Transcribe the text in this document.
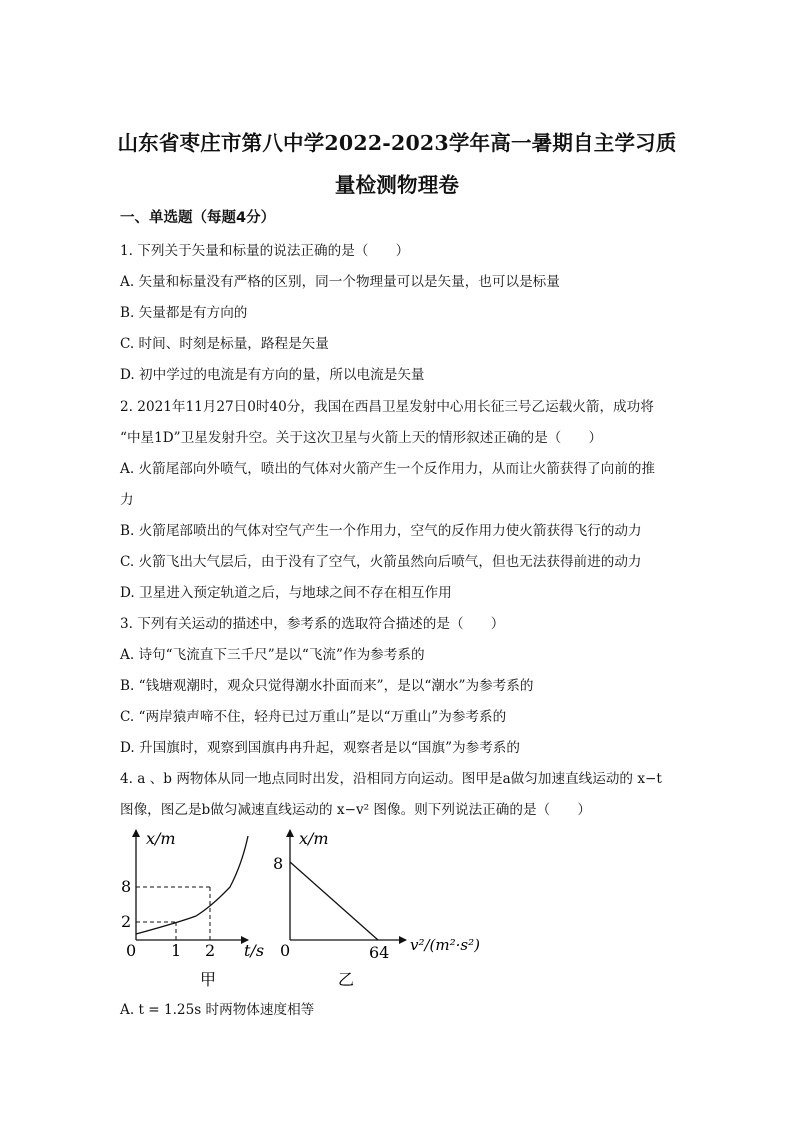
山东省枣庄市第八中学2022-2023学年高一暑期自主学习质
量检测物理卷
一、单选题（每题4分）
1. 下列关于矢量和标量的说法正确的是（　　）
A. 矢量和标量没有严格的区别，同一个物理量可以是矢量，也可以是标量
B. 矢量都是有方向的
C. 时间、时刻是标量，路程是矢量
D. 初中学过的电流是有方向的量，所以电流是矢量
2. 2021年11月27日0时40分，我国在西昌卫星发射中心用长征三号乙运载火箭，成功将
“中星1D”卫星发射升空。关于这次卫星与火箭上天的情形叙述正确的是（　　）
A. 火箭尾部向外喷气，喷出的气体对火箭产生一个反作用力，从而让火箭获得了向前的推
力
B. 火箭尾部喷出的气体对空气产生一个作用力，空气的反作用力使火箭获得飞行的动力
C. 火箭飞出大气层后，由于没有了空气，火箭虽然向后喷气，但也无法获得前进的动力
D. 卫星进入预定轨道之后，与地球之间不存在相互作用
3. 下列有关运动的描述中，参考系的选取符合描述的是（　　）
A. 诗句“飞流直下三千尺”是以“飞流”作为参考系的
B. “钱塘观潮时，观众只觉得潮水扑面而来”，是以“潮水”为参考系的
C. “两岸猿声啼不住，轻舟已过万重山”是以“万重山”为参考系的
D. 升国旗时，观察到国旗冉冉升起，观察者是以“国旗”为参考系的
4. a 、b 两物体从同一地点同时出发，沿相同方向运动。图甲是a做匀加速直线运动的 x−t
图像，图乙是b做匀减速直线运动的 x−v² 图像。则下列说法正确的是（　　）
x/m
8
2
0 1 2 t/s
甲
x/m
8
0	64 v²/(m²·s²)
乙
A. t = 1.25s 时两物体速度相等
